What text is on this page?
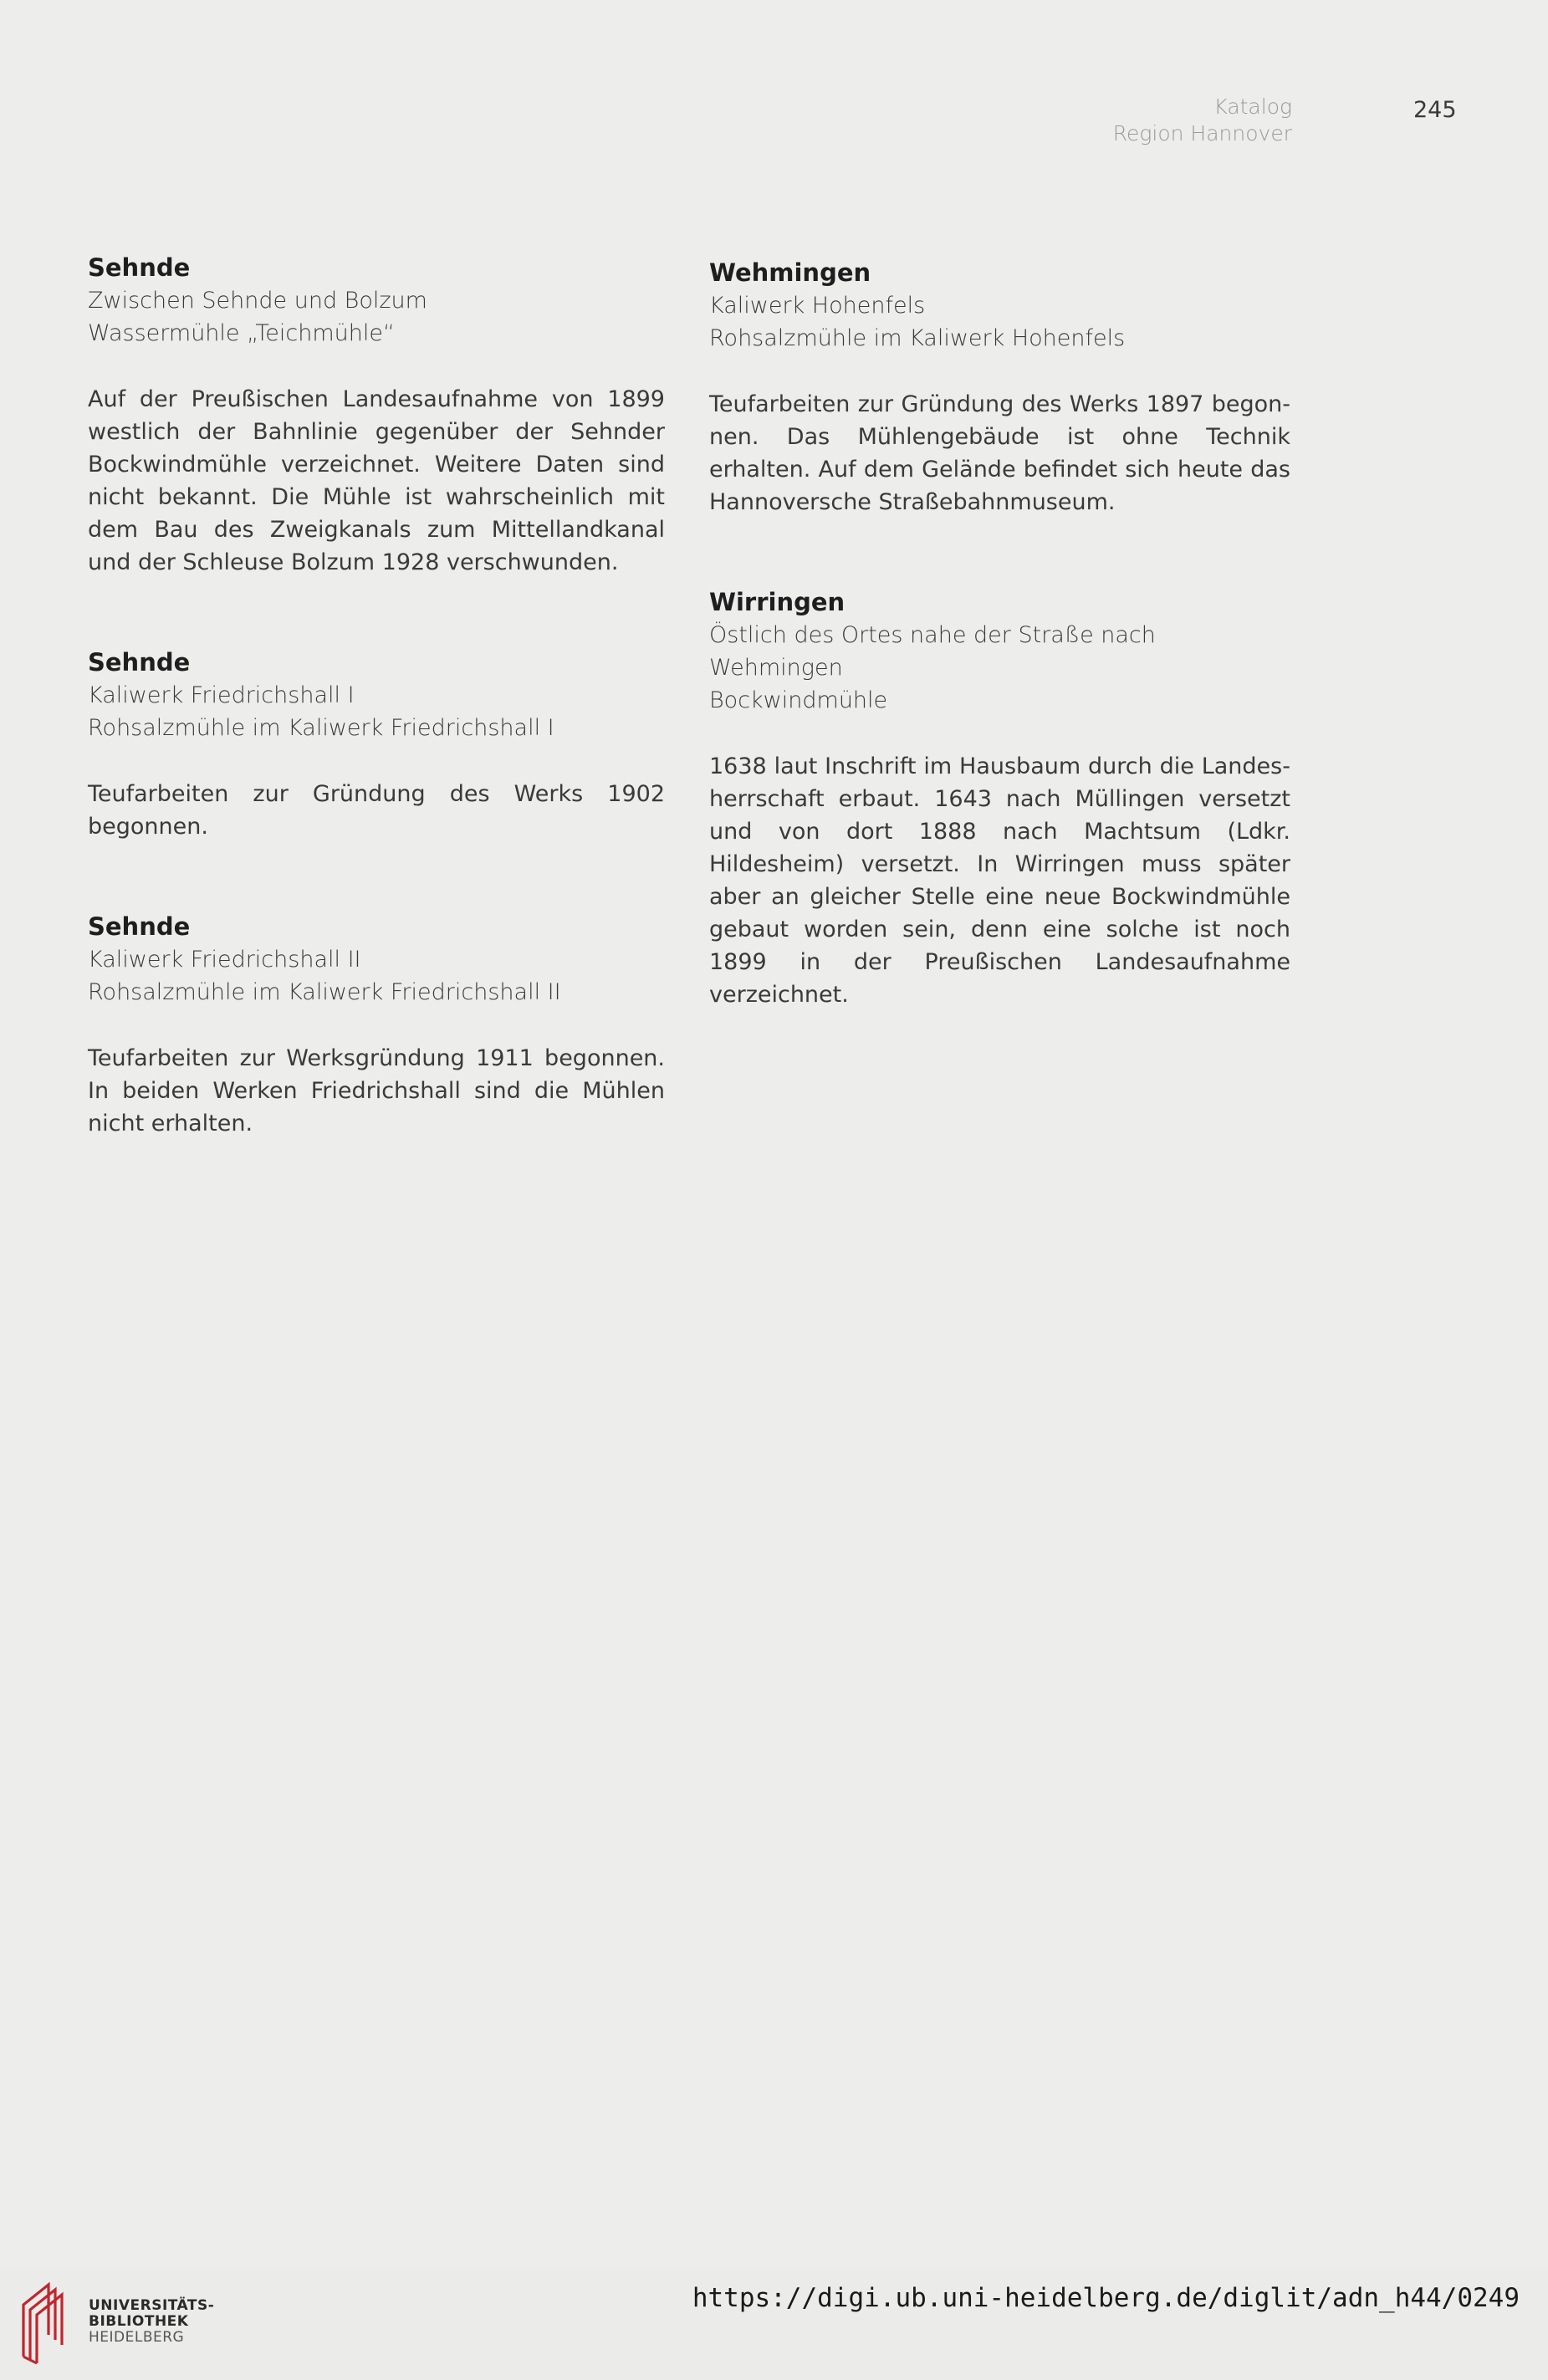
Katalog
Region Hannover
245

Sehnde

Zwischen Sehnde und Bolzum

Wassermühle „Teichmühle“

Auf der Preußischen Landesaufnahme von 1899 westlich der Bahnlinie gegenüber der Sehnder Bockwindmühle verzeichnet. Weitere Daten sind nicht bekannt. Die Mühle ist wahrscheinlich mit dem Bau des Zweigkanals zum Mittellandkanal und der Schleuse Bolzum 1928 verschwunden.

Sehnde

Kaliwerk Friedrichshall I

Rohsalzmühle im Kaliwerk Friedrichshall I

Teufarbeiten zur Gründung des Werks 1902 begonnen.

Sehnde

Kaliwerk Friedrichshall II

Rohsalzmühle im Kaliwerk Friedrichshall II

Teufarbeiten zur Werksgründung 1911 begonnen. In beiden Werken Friedrichshall sind die Mühlen nicht erhalten.

Wehmingen

Kaliwerk Hohenfels

Rohsalzmühle im Kaliwerk Hohenfels

Teufarbeiten zur Gründung des Werks 1897 begonnen. Das Mühlengebäude ist ohne Technik erhalten. Auf dem Gelände befindet sich heute das Hannoversche Straßebahnmuseum.

Wirringen

Östlich des Ortes nahe der Straße nach Wehmingen

Bockwindmühle

1638 laut Inschrift im Hausbaum durch die Landesherrschaft erbaut. 1643 nach Müllingen versetzt und von dort 1888 nach Machtsum (Ldkr. Hildesheim) versetzt. In Wirringen muss später aber an gleicher Stelle eine neue Bockwindmühle gebaut worden sein, denn eine solche ist noch 1899 in der Preußischen Landesaufnahme verzeichnet.

UNIVERSITÄTS-
BIBLIOTHEK
HEIDELBERG
https://digi.ub.uni-heidelberg.de/diglit/adn_h44/0249
